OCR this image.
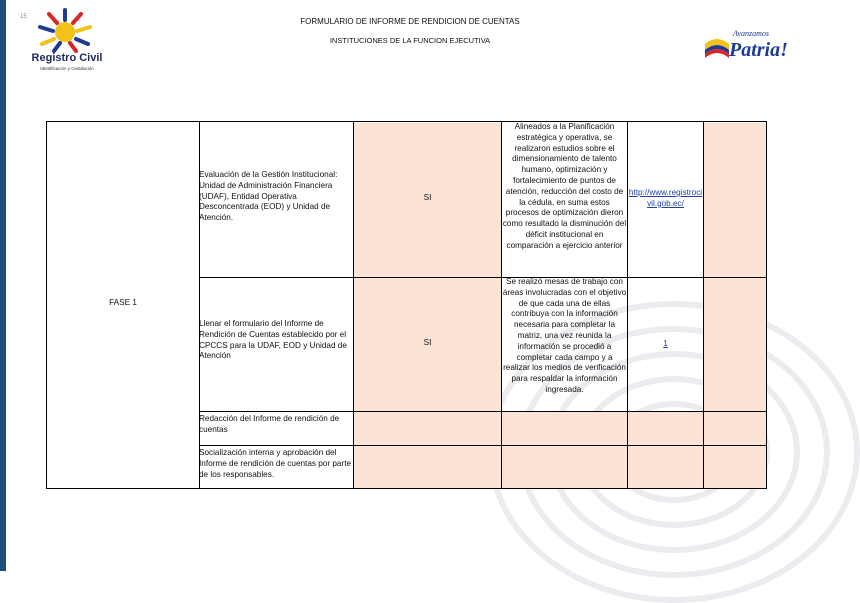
15
Registro Civil
Identificación y Cedulación
Avanzamos
Patria!
FORMULARIO DE INFORME DE RENDICION DE CUENTAS
INSTITUCIONES DE LA FUNCION EJECUTIVA
FASE 1
Evaluación de la Gestión Institucional: Unidad de Administración Financiera (UDAF), Entidad Operativa Desconcentrada (EOD) y Unidad de Atención.
SI
Alineados a la Planificación estratégica y operativa, se realizaron estudios sobre el dimensionamiento de talento humano, optimización y fortalecimiento de puntos de atención, reducción del costo de la cédula, en suma estos procesos de optimización dieron como resultado la disminución del déficit institucional en comparación a ejercicio anterior
http://www.registrocivil.gob.ec/
Llenar el formulario del Informe de Rendición de Cuentas establecido por el CPCCS para la UDAF, EOD y Unidad de Atención
SI
Se realizó mesas de trabajo con áreas involucradas con el objetivo de que cada una de ellas contribuya con la información necesaria para completar la matriz, una vez reunida la información se procedió a completar cada campo y a realizar los medios de verificación para respaldar la información ingresada.
1
Redacción del Informe de rendición de cuentas
Socialización interna y aprobación del Informe de rendición de cuentas por parte de los responsables.
